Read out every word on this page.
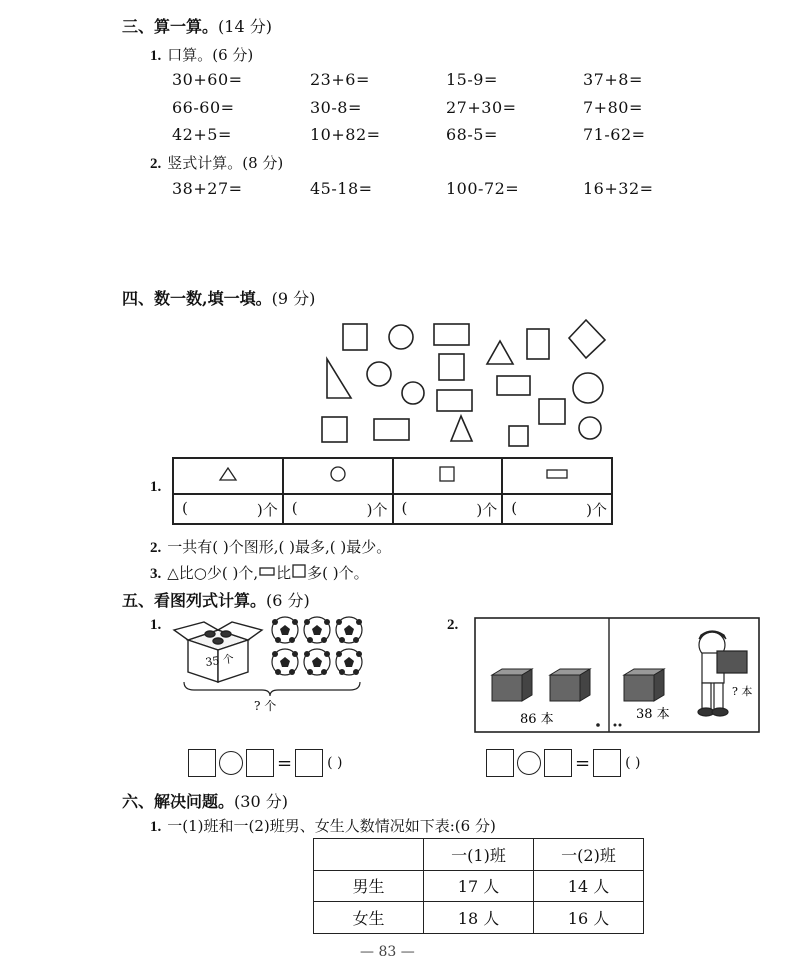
三、算一算。(14 分)
1. 口算。(6 分)
30+60=	23+6=	15-9=	37+8=
66-60=	30-8=	27+30=	7+80=
42+5=	10+82=	68-5=	71-62=
2. 竖式计算。(8 分)
38+27=	45-18=	100-72=	16+32=
四、数一数,填一填。(9 分)
1.

( )个	( )个	( )个	( )个
2. 一共有( )个图形,( )最多,( )最少。
3. △比○少( )个, 比 多( )个。
五、看图列式计算。(6 分)
1.
35 个
? 个
2.
? 本
86 本	38 本
=	( )	=	( )
六、解决问题。(30 分)
1. 一(1)班和一(2)班男、女生人数情况如下表:(6 分)
	一(1)班	一(2)班
男生	17 人	14 人
女生	18 人	16 人
— 83 —
